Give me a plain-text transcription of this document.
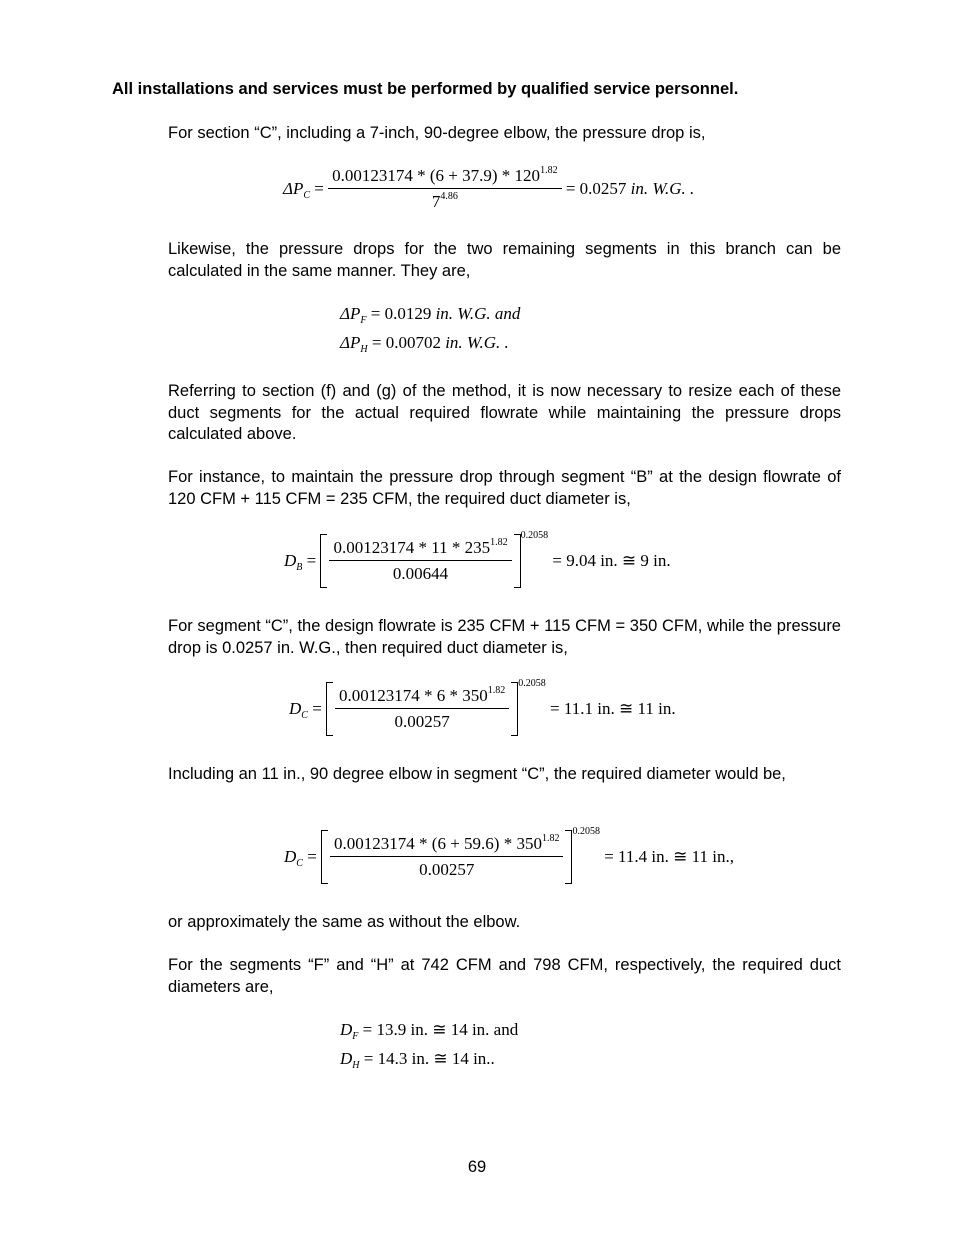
All installations and services must be performed by qualified service personnel.
For section “C”, including a 7-inch, 90-degree elbow, the pressure drop is,
$\Delta P_C = \frac{0.00123174 * (6 + 37.9) * 120^{1.82}}{7^{4.86}} = 0.0257$ in. W.G. .
Likewise, the pressure drops for the two remaining segments in this branch can be calculated in the same manner. They are,
$\Delta P_F = 0.0129$ in. W.G. and
$\Delta P_H = 0.00702$ in. W.G. .
Referring to section (f) and (g) of the method, it is now necessary to resize each of these duct segments for the actual required flowrate while maintaining the pressure drops calculated above.
For instance, to maintain the pressure drop through segment “B” at the design flowrate of 120 CFM + 115 CFM = 235 CFM, the required duct diameter is,
$D_B = \frac{0.00123174 * 11 * 235^{1.82}}{0.00644}$
$^{0.2058}$ = 9.04 in. ≅ 9 in.
For segment “C”, the design flowrate is 235 CFM + 115 CFM = 350 CFM, while the pressure drop is 0.0257 in. W.G., then required duct diameter is,
$D_C = \frac{0.00123174 * 6 * 350^{1.82}}{0.00257}$
$^{0.2058}$ = 11.1 in. ≅ 11 in.
Including an 11 in., 90 degree elbow in segment “C”, the required diameter would be,
$D_C = \frac{0.00123174 * (6 + 59.6) * 350^{1.82}}{0.00257}$
$^{0.2058}$ = 11.4 in. ≅ 11 in.,
or approximately the same as without the elbow.
For the segments “F” and “H” at 742 CFM and 798 CFM, respectively, the required duct diameters are,
$D_F = 13.9$ in. ≅ 14 in. and
$D_H = 14.3$ in. ≅ 14 in..
69
